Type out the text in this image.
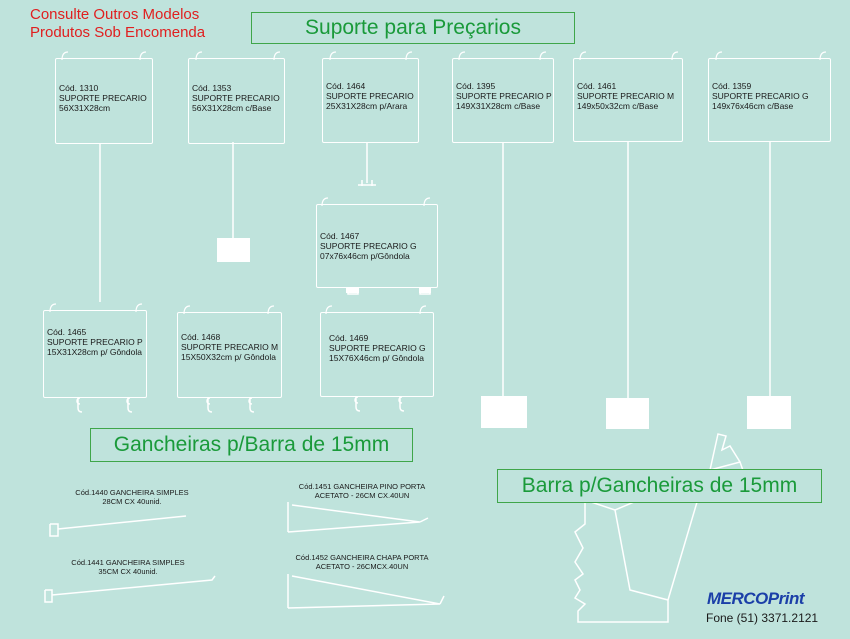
Consulte Outros Modelos
Produtos Sob Encomenda	Suporte para Preçarios
Gancheiras p/Barra de 15mm
Barra p/Gancheiras de 15mm
Cód. 1310
SUPORTE PRECARIO
56X31X28cm
Cód. 1353
SUPORTE PRECARIO
56X31X28cm c/Base
Cód. 1464
SUPORTE PRECARIO
25X31X28cm p/Arara
Cód. 1395
SUPORTE PRECARIO P
149X31X28cm c/Base
Cód. 1461
SUPORTE PRECARIO M
149x50x32cm c/Base
Cód. 1359
SUPORTE PRECARIO G
149x76x46cm c/Base
Cód. 1467
SUPORTE PRECARIO G
07x76x46cm p/Gôndola
Cód. 1465
SUPORTE PRECARIO P
15X31X28cm p/ Gôndola
Cód. 1468
SUPORTE PRECARIO M
15X50X32cm p/ Gôndola
Cód. 1469
SUPORTE PRECARIO G
15X76X46cm p/ Gôndola
Cód.1440 GANCHEIRA SIMPLES
28CM CX 40unid.
Cód.1441 GANCHEIRA SIMPLES
35CM CX 40unid.
Cód.1451 GANCHEIRA PINO PORTA
ACETATO - 26CM CX.40UN
Cód.1452 GANCHEIRA CHAPA PORTA
ACETATO - 26CMCX.40UN
MERCOPrint
Fone (51) 3371.2121
